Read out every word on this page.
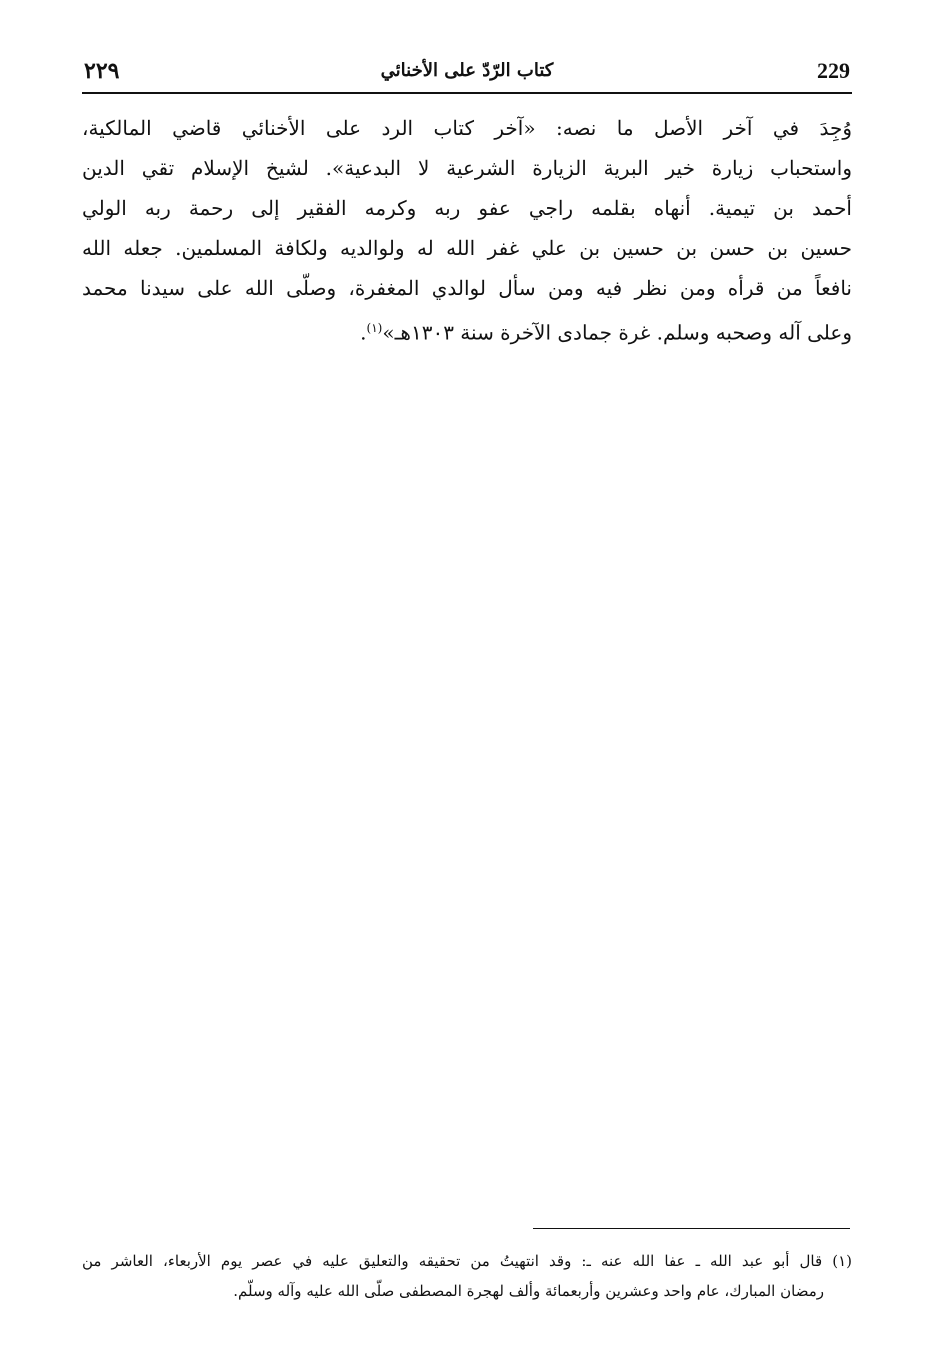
229
كتاب الرّدّ على الأخنائي
٢٢٩
وُجِدَ في آخر الأصل ما نصه: «آخر كتاب الرد على الأخنائي قاضي المالكية،
واستحباب زيارة خير البرية الزيارة الشرعية لا البدعية». لشيخ الإسلام تقي الدين
أحمد بن تيمية. أنهاه بقلمه راجي عفو ربه وكرمه الفقير إلى رحمة ربه الولي
حسين بن حسن بن حسين بن علي غفر الله له ولوالديه ولكافة المسلمين. جعله الله
نافعاً من قرأه ومن نظر فيه ومن سأل لوالدي المغفرة، وصلّى الله على سيدنا محمد
وعلى آله وصحبه وسلم. غرة جمادى الآخرة سنة ١٣٠٣هـ»$^{(١)}$.
(١) قال أبو عبد الله ـ عفا الله عنه ـ: وقد انتهيتُ من تحقيقه والتعليق عليه في عصر يوم الأربعاء، العاشر من
رمضان المبارك، عام واحد وعشرين وأربعمائة وألف لهجرة المصطفى صلّى الله عليه وآله وسلّم.
